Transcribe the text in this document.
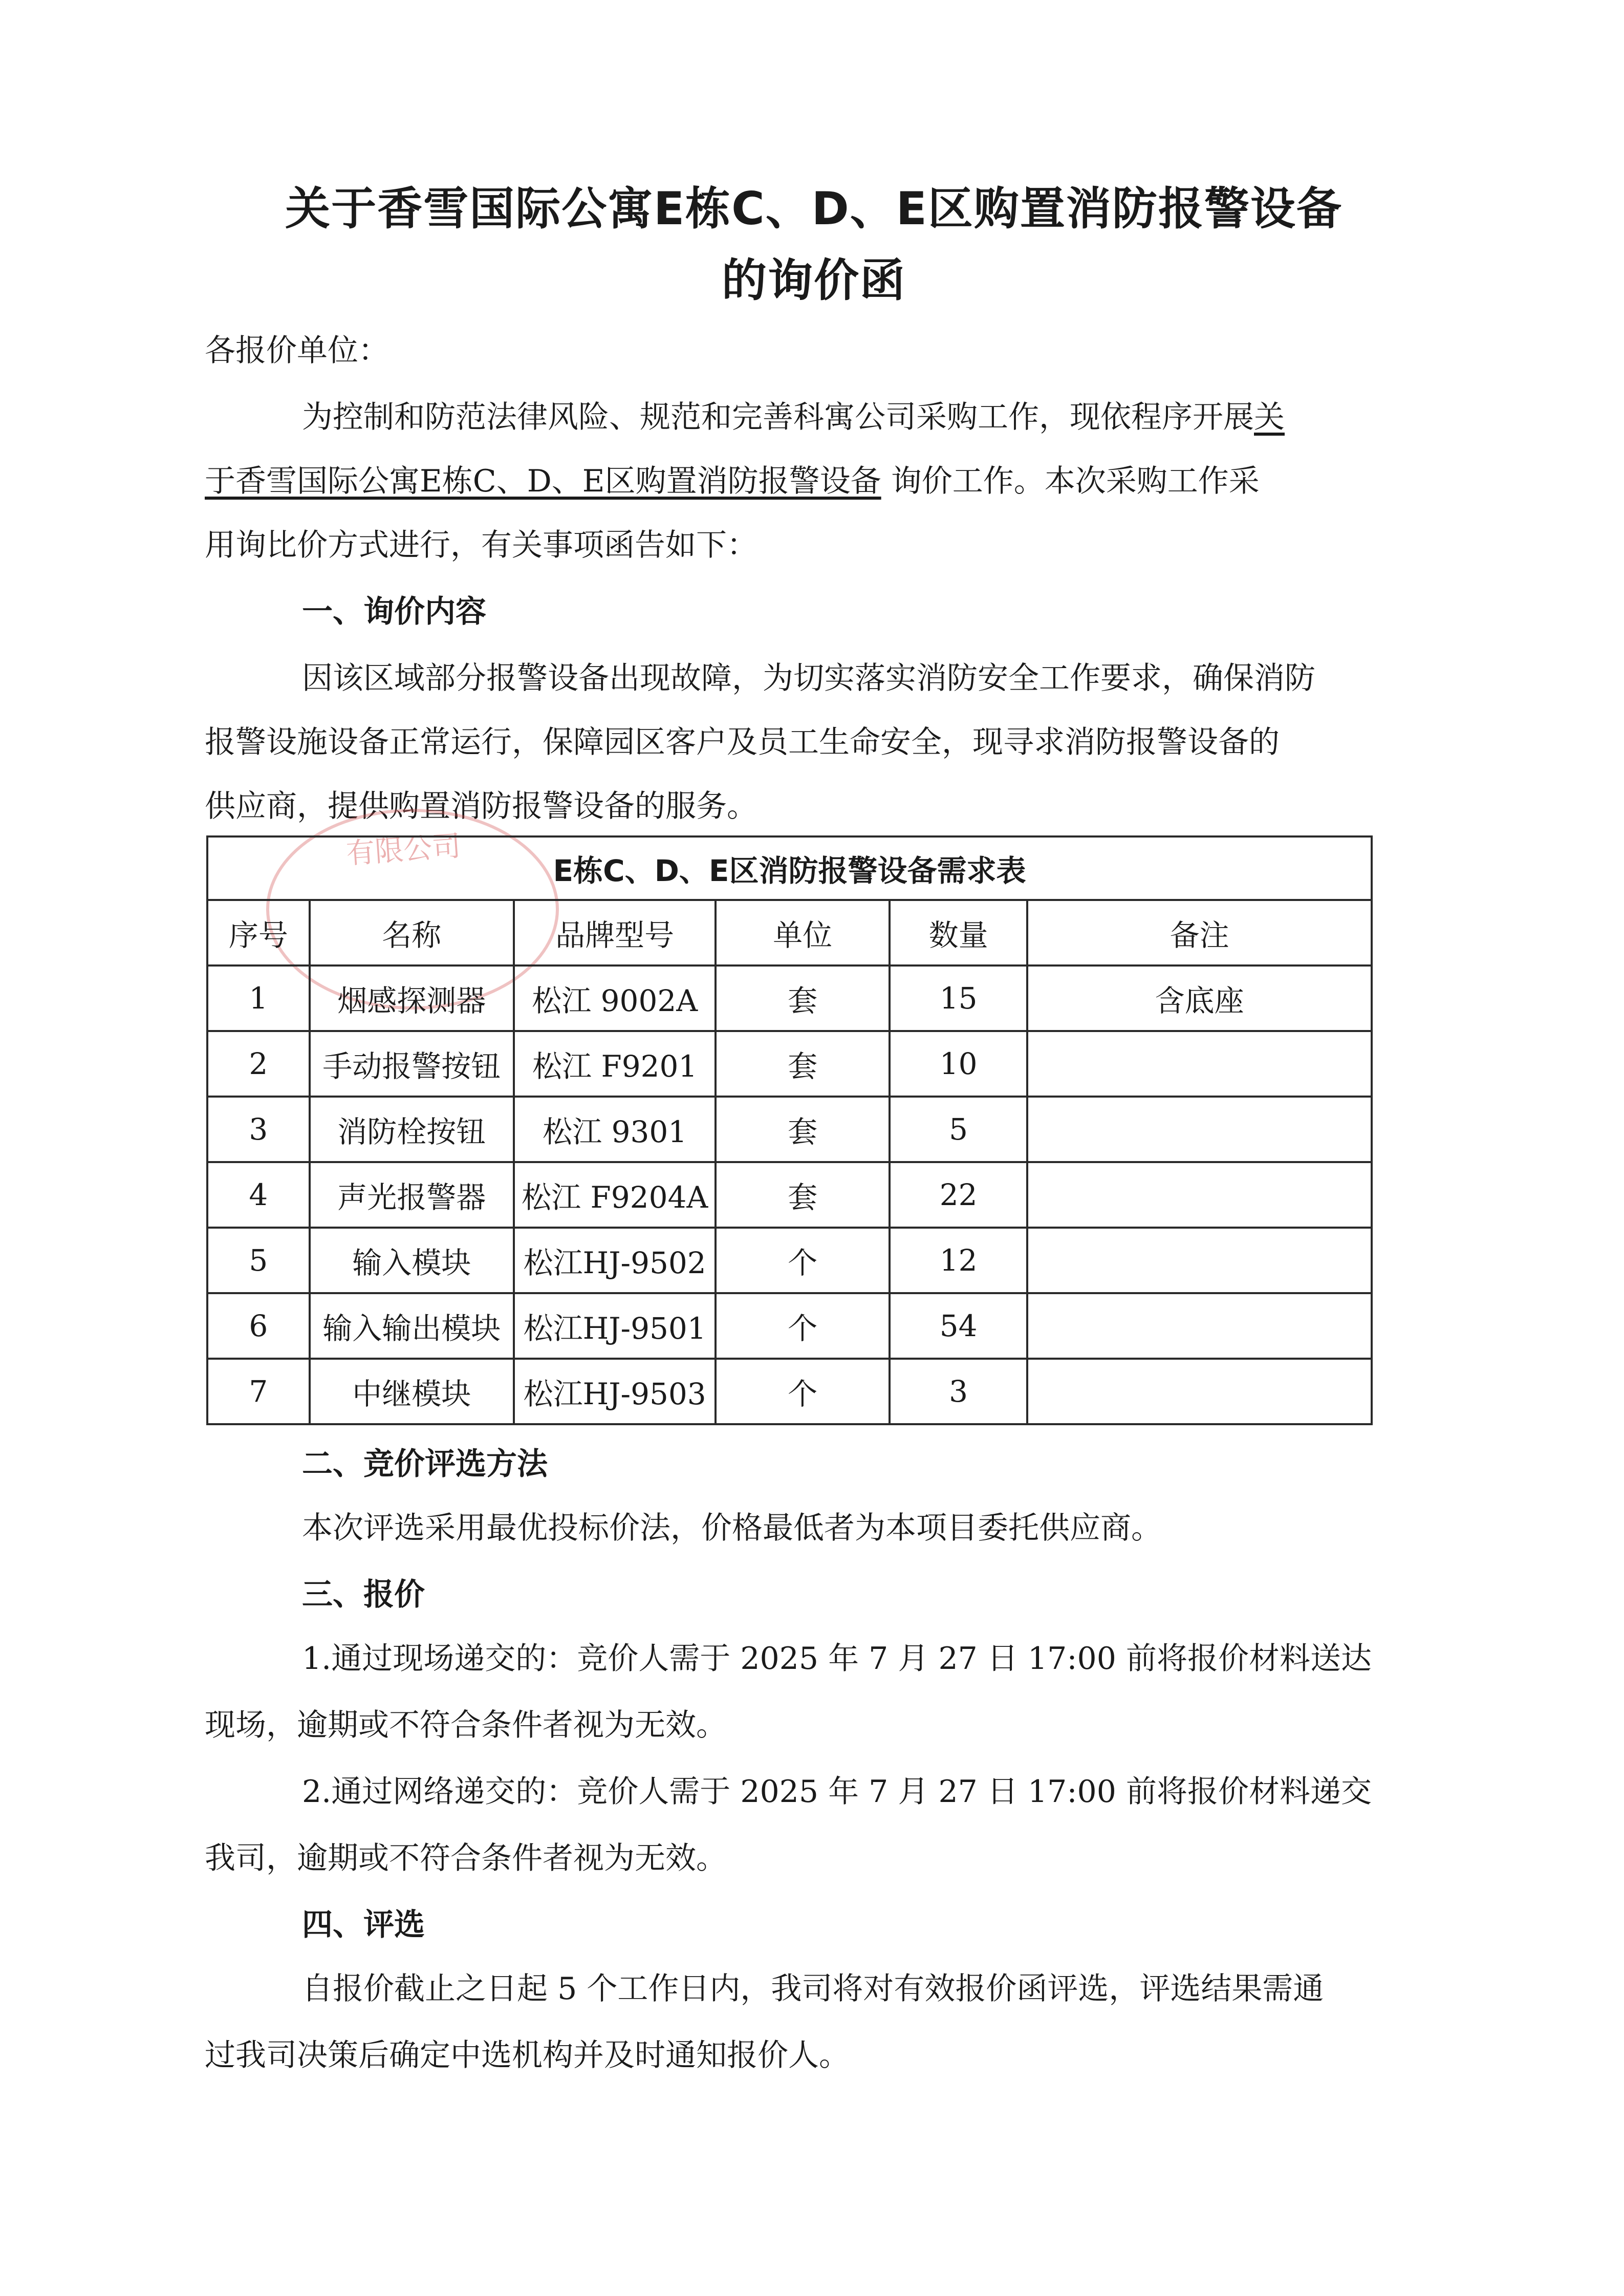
关于香雪国际公寓E栋C、D、E区购置消防报警设备
的询价函
各报价单位：
为控制和防范法律风险、规范和完善科寓公司采购工作，现依程序开展关
于香雪国际公寓E栋C、D、E区购置消防报警设备 询价工作。本次采购工作采
用询比价方式进行，有关事项函告如下：
一、询价内容
因该区域部分报警设备出现故障，为切实落实消防安全工作要求，确保消防
报警设施设备正常运行，保障园区客户及员工生命安全，现寻求消防报警设备的
供应商，提供购置消防报警设备的服务。
有限公司
E栋C、D、E区消防报警设备需求表					
序号	名称	品牌型号	单位	数量	备注
1	烟感探测器	松江 9002A	套	15	含底座
2	手动报警按钮	松江 F9201	套	10	
3	消防栓按钮	松江 9301	套	5	
4	声光报警器	松江 F9204A	套	22	
5	输入模块	松江HJ-9502	个	12	
6	输入输出模块	松江HJ-9501	个	54	
7	中继模块	松江HJ-9503	个	3	
二、竞价评选方法
本次评选采用最优投标价法，价格最低者为本项目委托供应商。
三、报价
1.通过现场递交的：竞价人需于 2025 年 7 月 27 日 17:00 前将报价材料送达
现场，逾期或不符合条件者视为无效。
2.通过网络递交的：竞价人需于 2025 年 7 月 27 日 17:00 前将报价材料递交
我司，逾期或不符合条件者视为无效。
四、评选
自报价截止之日起 5 个工作日内，我司将对有效报价函评选，评选结果需通
过我司决策后确定中选机构并及时通知报价人。
